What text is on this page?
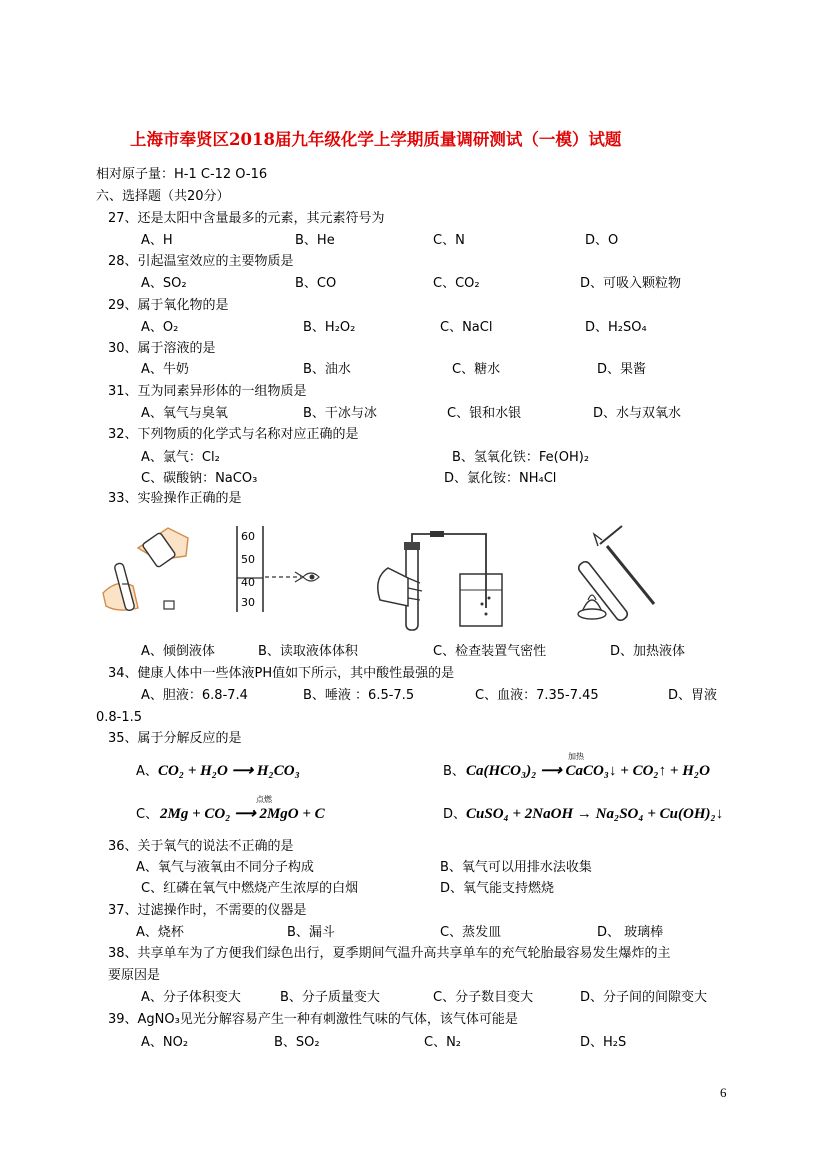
上海市奉贤区2018届九年级化学上学期质量调研测试（一模）试题
相对原子量：H-1 C-12 O-16
六、选择题（共20分）
27、还是太阳中含量最多的元素，其元素符号为
A、H	B、He	C、N	D、O
28、引起温室效应的主要物质是
A、SO₂	B、CO	C、CO₂	D、可吸入颗粒物
29、属于氧化物的是
A、O₂	B、H₂O₂	C、NaCl	D、H₂SO₄
30、属于溶液的是
A、牛奶	B、油水	C、糖水	D、果酱
31、互为同素异形体的一组物质是
A、氧气与臭氧	B、干冰与冰	C、银和水银	D、水与双氧水
32、下列物质的化学式与名称对应正确的是
A、氯气：Cl₂	B、氢氧化铁：Fe(OH)₂
C、碳酸钠：NaCO₃	D、氯化铵：NH₄Cl
33、实验操作正确的是
60
50
40
30
A、倾倒液体	B、读取液体体积	C、检查装置气密性	D、加热液体
34、健康人体中一些体液PH值如下所示，其中酸性最强的是
A、胆液：6.8-7.4	B、唾液 ：6.5-7.5	C、血液：7.35-7.45	D、胃液
0.8-1.5
35、属于分解反应的是
A、 CO₂ + H₂O ⟶ H₂CO₃	B、 Ca(HCO₃)₂ ⟶ CaCO₃↓ + CO₂↑ + H₂O
加热
C、 2Mg + CO₂ ⟶ 2MgO + C
点燃
D、 CuSO₄ + 2NaOH → Na₂SO₄ + Cu(OH)₂↓
36、关于氧气的说法不正确的是
A、氧气与液氧由不同分子构成	B、氧气可以用排水法收集
C、红磷在氧气中燃烧产生浓厚的白烟	D、氧气能支持燃烧
37、过滤操作时，不需要的仪器是
A、烧杯	B、漏斗	C、蒸发皿	D、 玻璃棒
38、共享单车为了方便我们绿色出行，夏季期间气温升高共享单车的充气轮胎最容易发生爆炸的主
要原因是
A、分子体积变大	B、分子质量变大	C、分子数目变大	D、分子间的间隙变大
39、AgNO₃见光分解容易产生一种有刺激性气味的气体，该气体可能是
A、NO₂	B、SO₂	C、N₂	D、H₂S
6
